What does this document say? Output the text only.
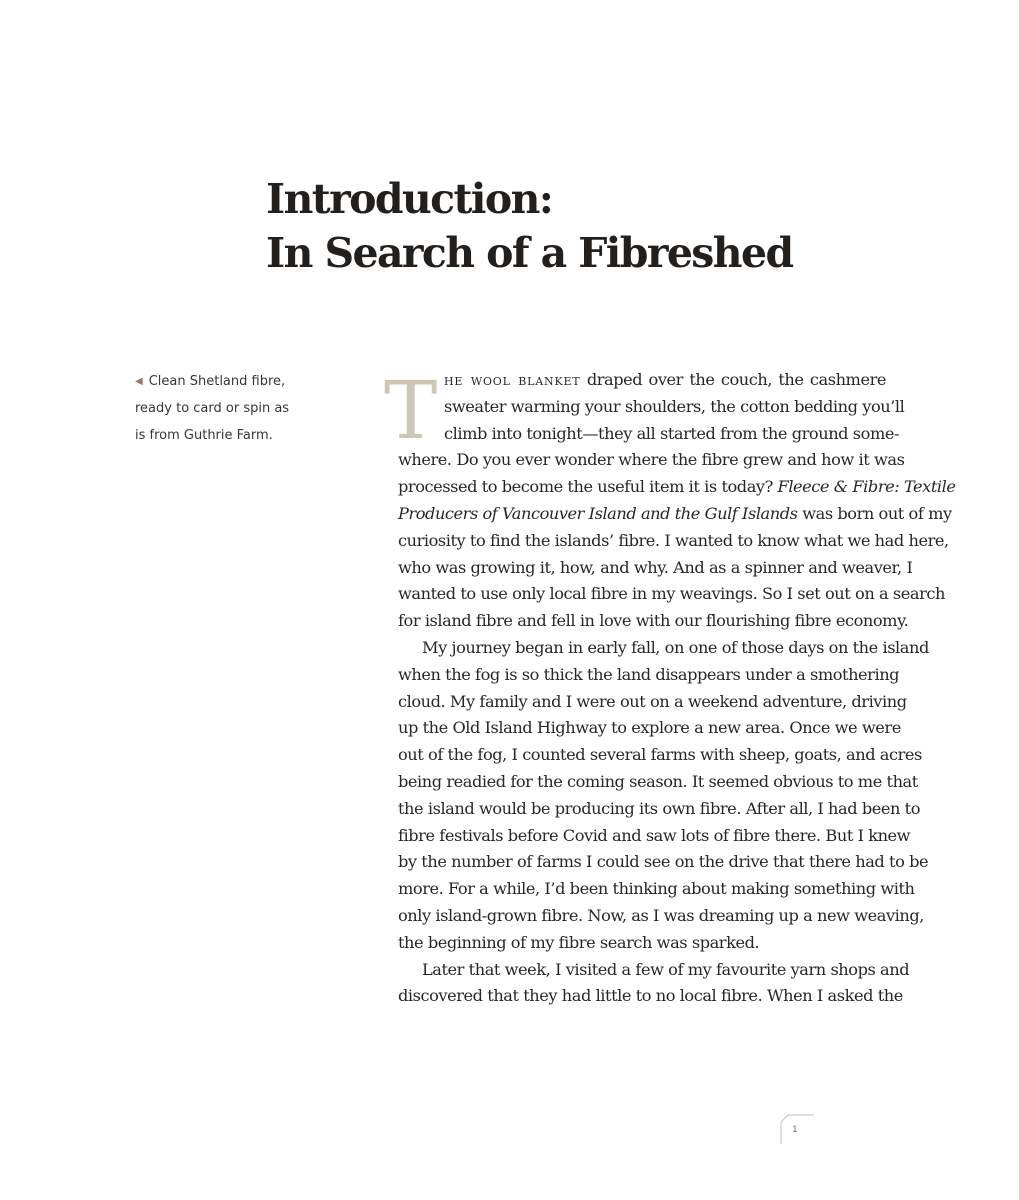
Introduction:
In Search of a Fibreshed
◀ Clean Shetland fibre,
ready to card or spin as
is from Guthrie Farm.	T he wool blanket draped over the couch, the cashmere
sweater warming your shoulders, the cotton bedding you’ll
climb into tonight—they all started from the ground some-
where. Do you ever wonder where the fibre grew and how it was
processed to become the useful item it is today? Fleece & Fibre: Textile
Producers of Vancouver Island and the Gulf Islands was born out of my
curiosity to find the islands’ fibre. I wanted to know what we had here,
who was growing it, how, and why. And as a spinner and weaver, I
wanted to use only local fibre in my weavings. So I set out on a search
for island fibre and fell in love with our flourishing fibre economy.
My journey began in early fall, on one of those days on the island
when the fog is so thick the land disappears under a smothering
cloud. My family and I were out on a weekend adventure, driving
up the Old Island Highway to explore a new area. Once we were
out of the fog, I counted several farms with sheep, goats, and acres
being readied for the coming season. It seemed obvious to me that
the island would be producing its own fibre. After all, I had been to
fibre festivals before Covid and saw lots of fibre there. But I knew
by the number of farms I could see on the drive that there had to be
more. For a while, I’d been thinking about making something with
only island-grown fibre. Now, as I was dreaming up a new weaving,
the beginning of my fibre search was sparked.
Later that week, I visited a few of my favourite yarn shops and
discovered that they had little to no local fibre. When I asked the
1
